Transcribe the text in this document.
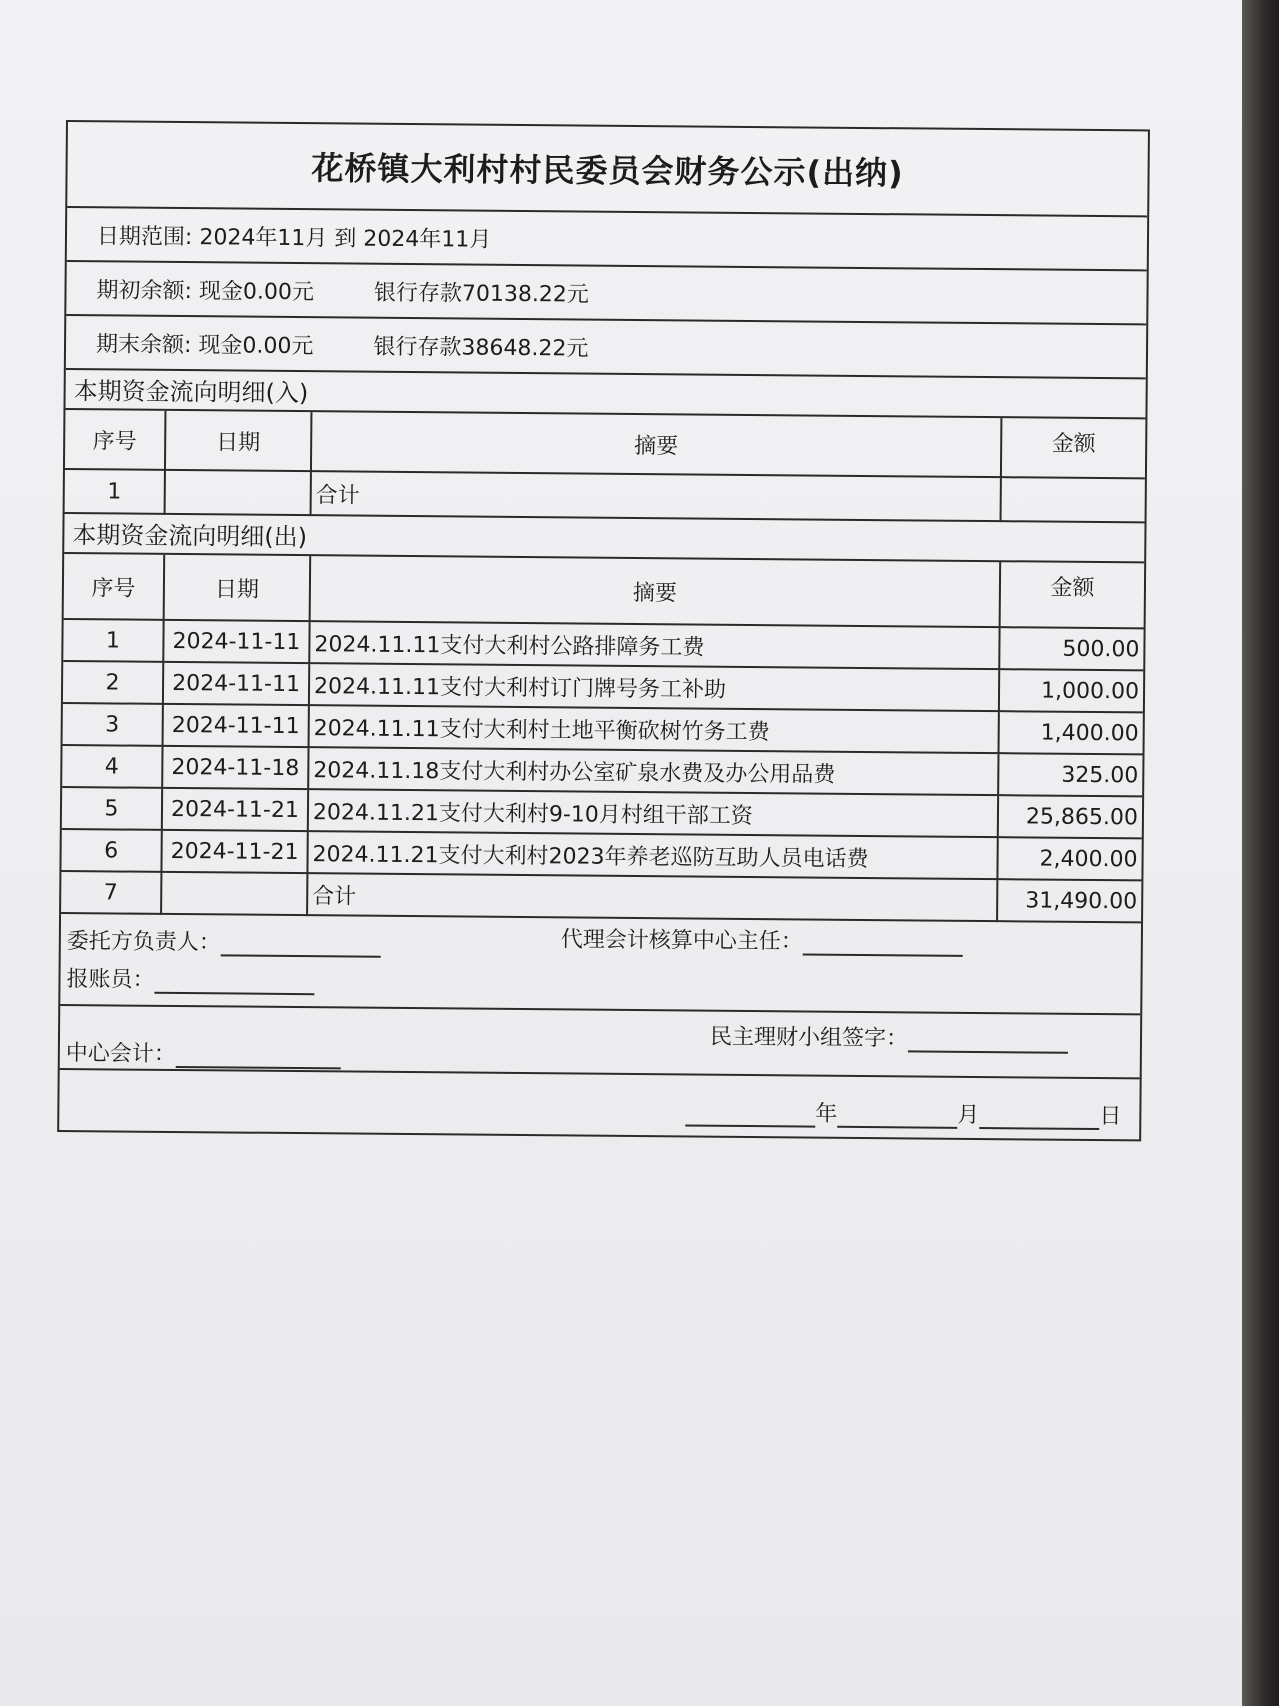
花桥镇大利村村民委员会财务公示(出纳)
日期范围: 2024年11月 到 2024年11月
期初余额: 现金0.00元	银行存款70138.22元
期末余额: 现金0.00元	银行存款38648.22元
本期资金流向明细(入)
序号	日期	摘要	金额
1		合计	
本期资金流向明细(出)
序号	日期	摘要	金额
1	2024-11-11	2024.11.11支付大利村公路排障务工费	500.00
2	2024-11-11	2024.11.11支付大利村订门牌号务工补助	1,000.00
3	2024-11-11	2024.11.11支付大利村土地平衡砍树竹务工费	1,400.00
4	2024-11-18	2024.11.18支付大利村办公室矿泉水费及办公用品费	325.00
5	2024-11-21	2024.11.21支付大利村9-10月村组干部工资	25,865.00
6	2024-11-21	2024.11.21支付大利村2023年养老巡防互助人员电话费	2,400.00
7		合计	31,490.00
委托方负责人：	代理会计核算中心主任：
报账员：
民主理财小组签字：
中心会计：
年	月	日
